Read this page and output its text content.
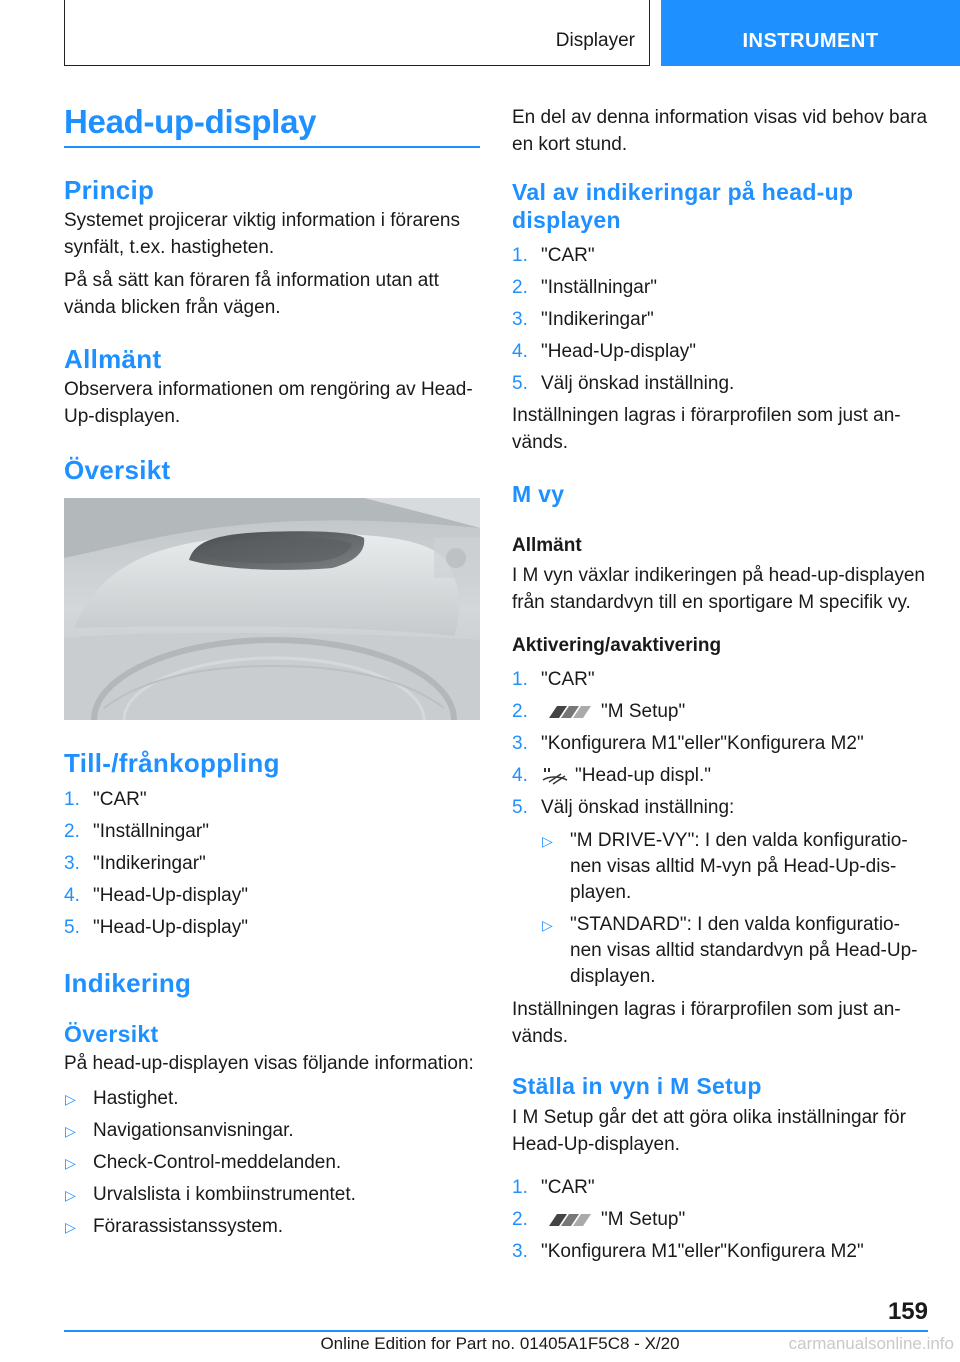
Displayer	INSTRUMENT
Head-up-display
Princip
Systemet projicerar viktig information i förarens synfält, t.ex. hastigheten.
På så sätt kan föraren få information utan att vända blicken från vägen.
Allmänt
Observera informationen om rengöring av Head-Up-displayen.
Översikt
Till-/frånkoppling
1. "CAR"
2. "Inställningar"
3. "Indikeringar"
4. "Head-Up-display"
5. "Head-Up-display"
Indikering
Översikt
På head-up-displayen visas följande information:
▷ Hastighet.
▷ Navigationsanvisningar.
▷ Check-Control-meddelanden.
▷ Urvalslista i kombiinstrumentet.
▷ Förarassistanssystem.
En del av denna information visas vid behov bara en kort stund.
Val av indikeringar på head-up displayen
1. "CAR"
2. "Inställningar"
3. "Indikeringar"
4. "Head-Up-display"
5. Välj önskad inställning.
Inställningen lagras i förarprofilen som just an-vänds.
M vy
Allmänt
I M vyn växlar indikeringen på head-up-displayen från standardvyn till en sportigare M specifik vy.
Aktivering/avaktivering
1. "CAR"
2.	"M Setup"
3. "Konfigurera M1"eller"Konfigurera M2"
4. "Head-up displ."
5. Välj önskad inställning:
▷ "M DRIVE-VY": I den valda konfiguratio-nen visas alltid M-vyn på Head-Up-dis-playen.
▷ "STANDARD": I den valda konfiguratio-nen visas alltid standardvyn på Head-Up-displayen.
Inställningen lagras i förarprofilen som just an-vänds.
Ställa in vyn i M Setup
I M Setup går det att göra olika inställningar för Head-Up-displayen.
1. "CAR"
2.	"M Setup"
3. "Konfigurera M1"eller"Konfigurera M2"
159
Online Edition for Part no. 01405A1F5C8 - X/20	carmanualsonline.info
